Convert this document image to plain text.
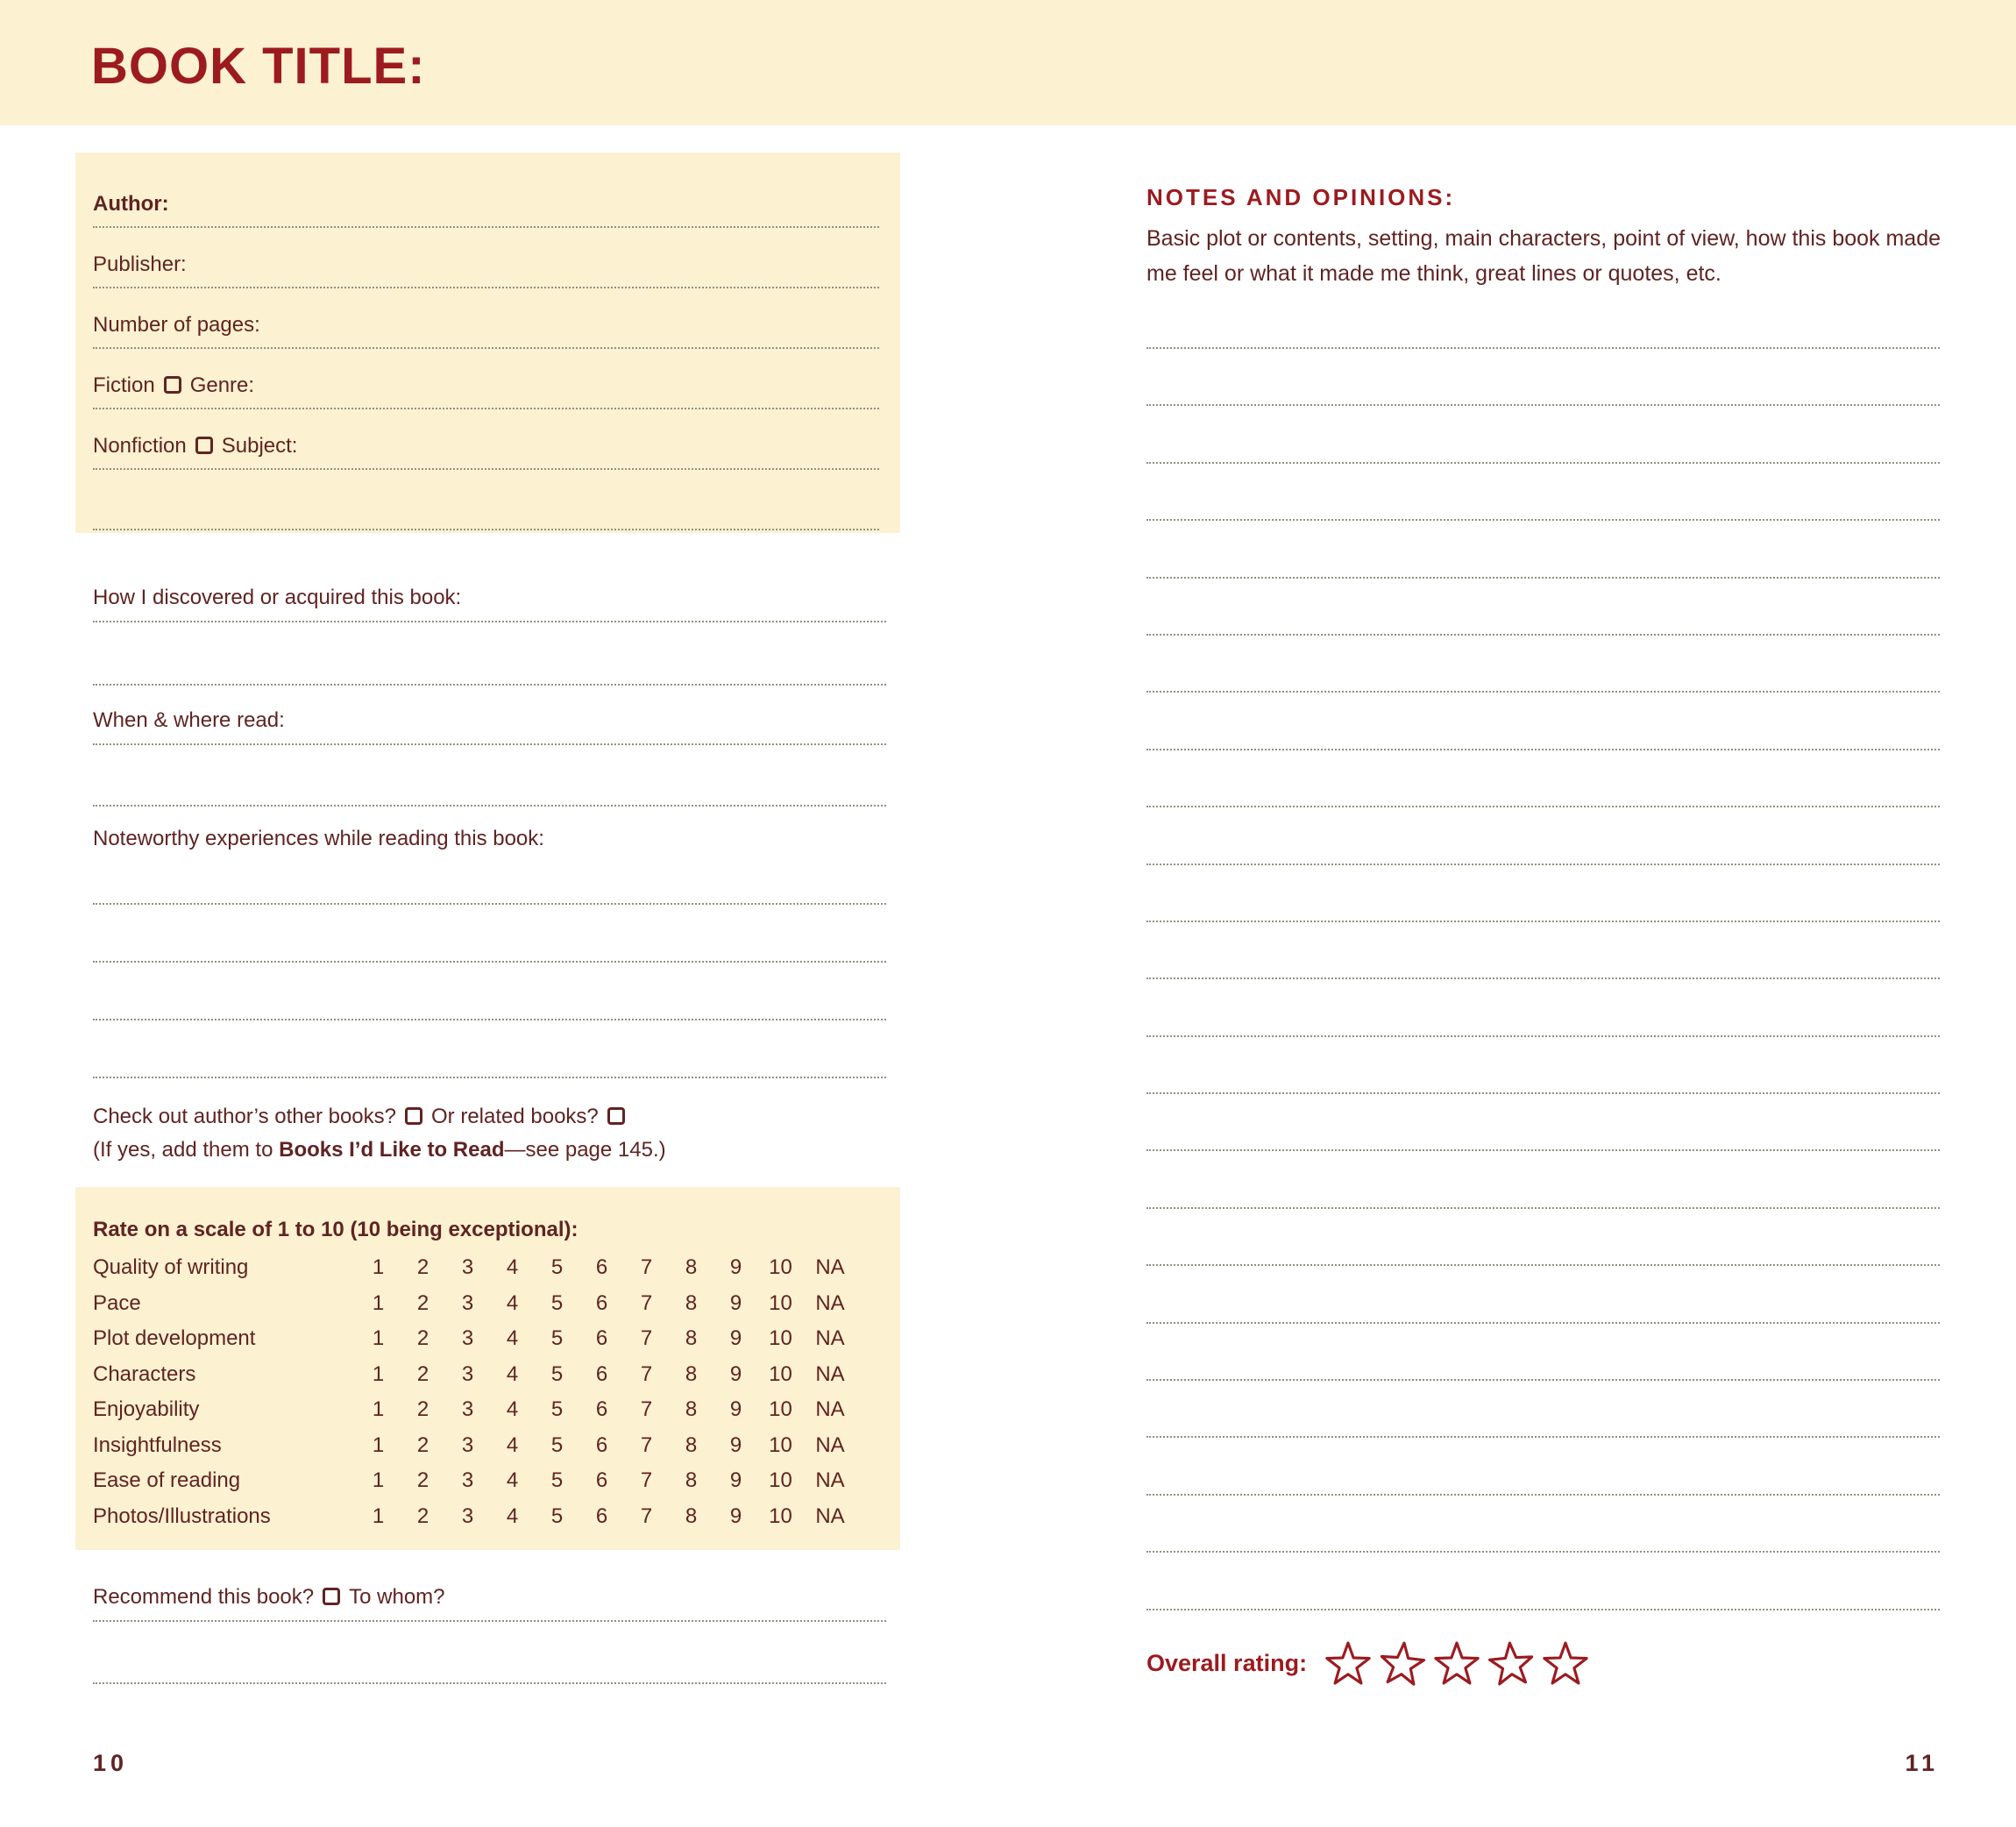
BOOK TITLE:
Author:
Publisher:
Number of pages:
Fiction Genre:
Nonfiction Subject:
How I discovered or acquired this book:
When & where read:
Noteworthy experiences while reading this book:
Check out author’s other books? Or related books?
(If yes, add them to Books I’d Like to Read—see page 145.)
Rate on a scale of 1 to 10 (10 being exceptional):
Quality of writing	1	2	3	4	5	6	7	8	9	10	NA
Pace	1	2	3	4	5	6	7	8	9	10	NA
Plot development	1	2	3	4	5	6	7	8	9	10	NA
Characters	1	2	3	4	5	6	7	8	9	10	NA
Enjoyability	1	2	3	4	5	6	7	8	9	10	NA
Insightfulness	1	2	3	4	5	6	7	8	9	10	NA
Ease of reading	1	2	3	4	5	6	7	8	9	10	NA
Photos/Illustrations	1	2	3	4	5	6	7	8	9	10	NA
Recommend this book? To whom?
10	11
NOTES AND OPINIONS:
Basic plot or contents, setting, main characters, point of view, how this book made me feel or what it made me think, great lines or quotes, etc.
Overall rating:
